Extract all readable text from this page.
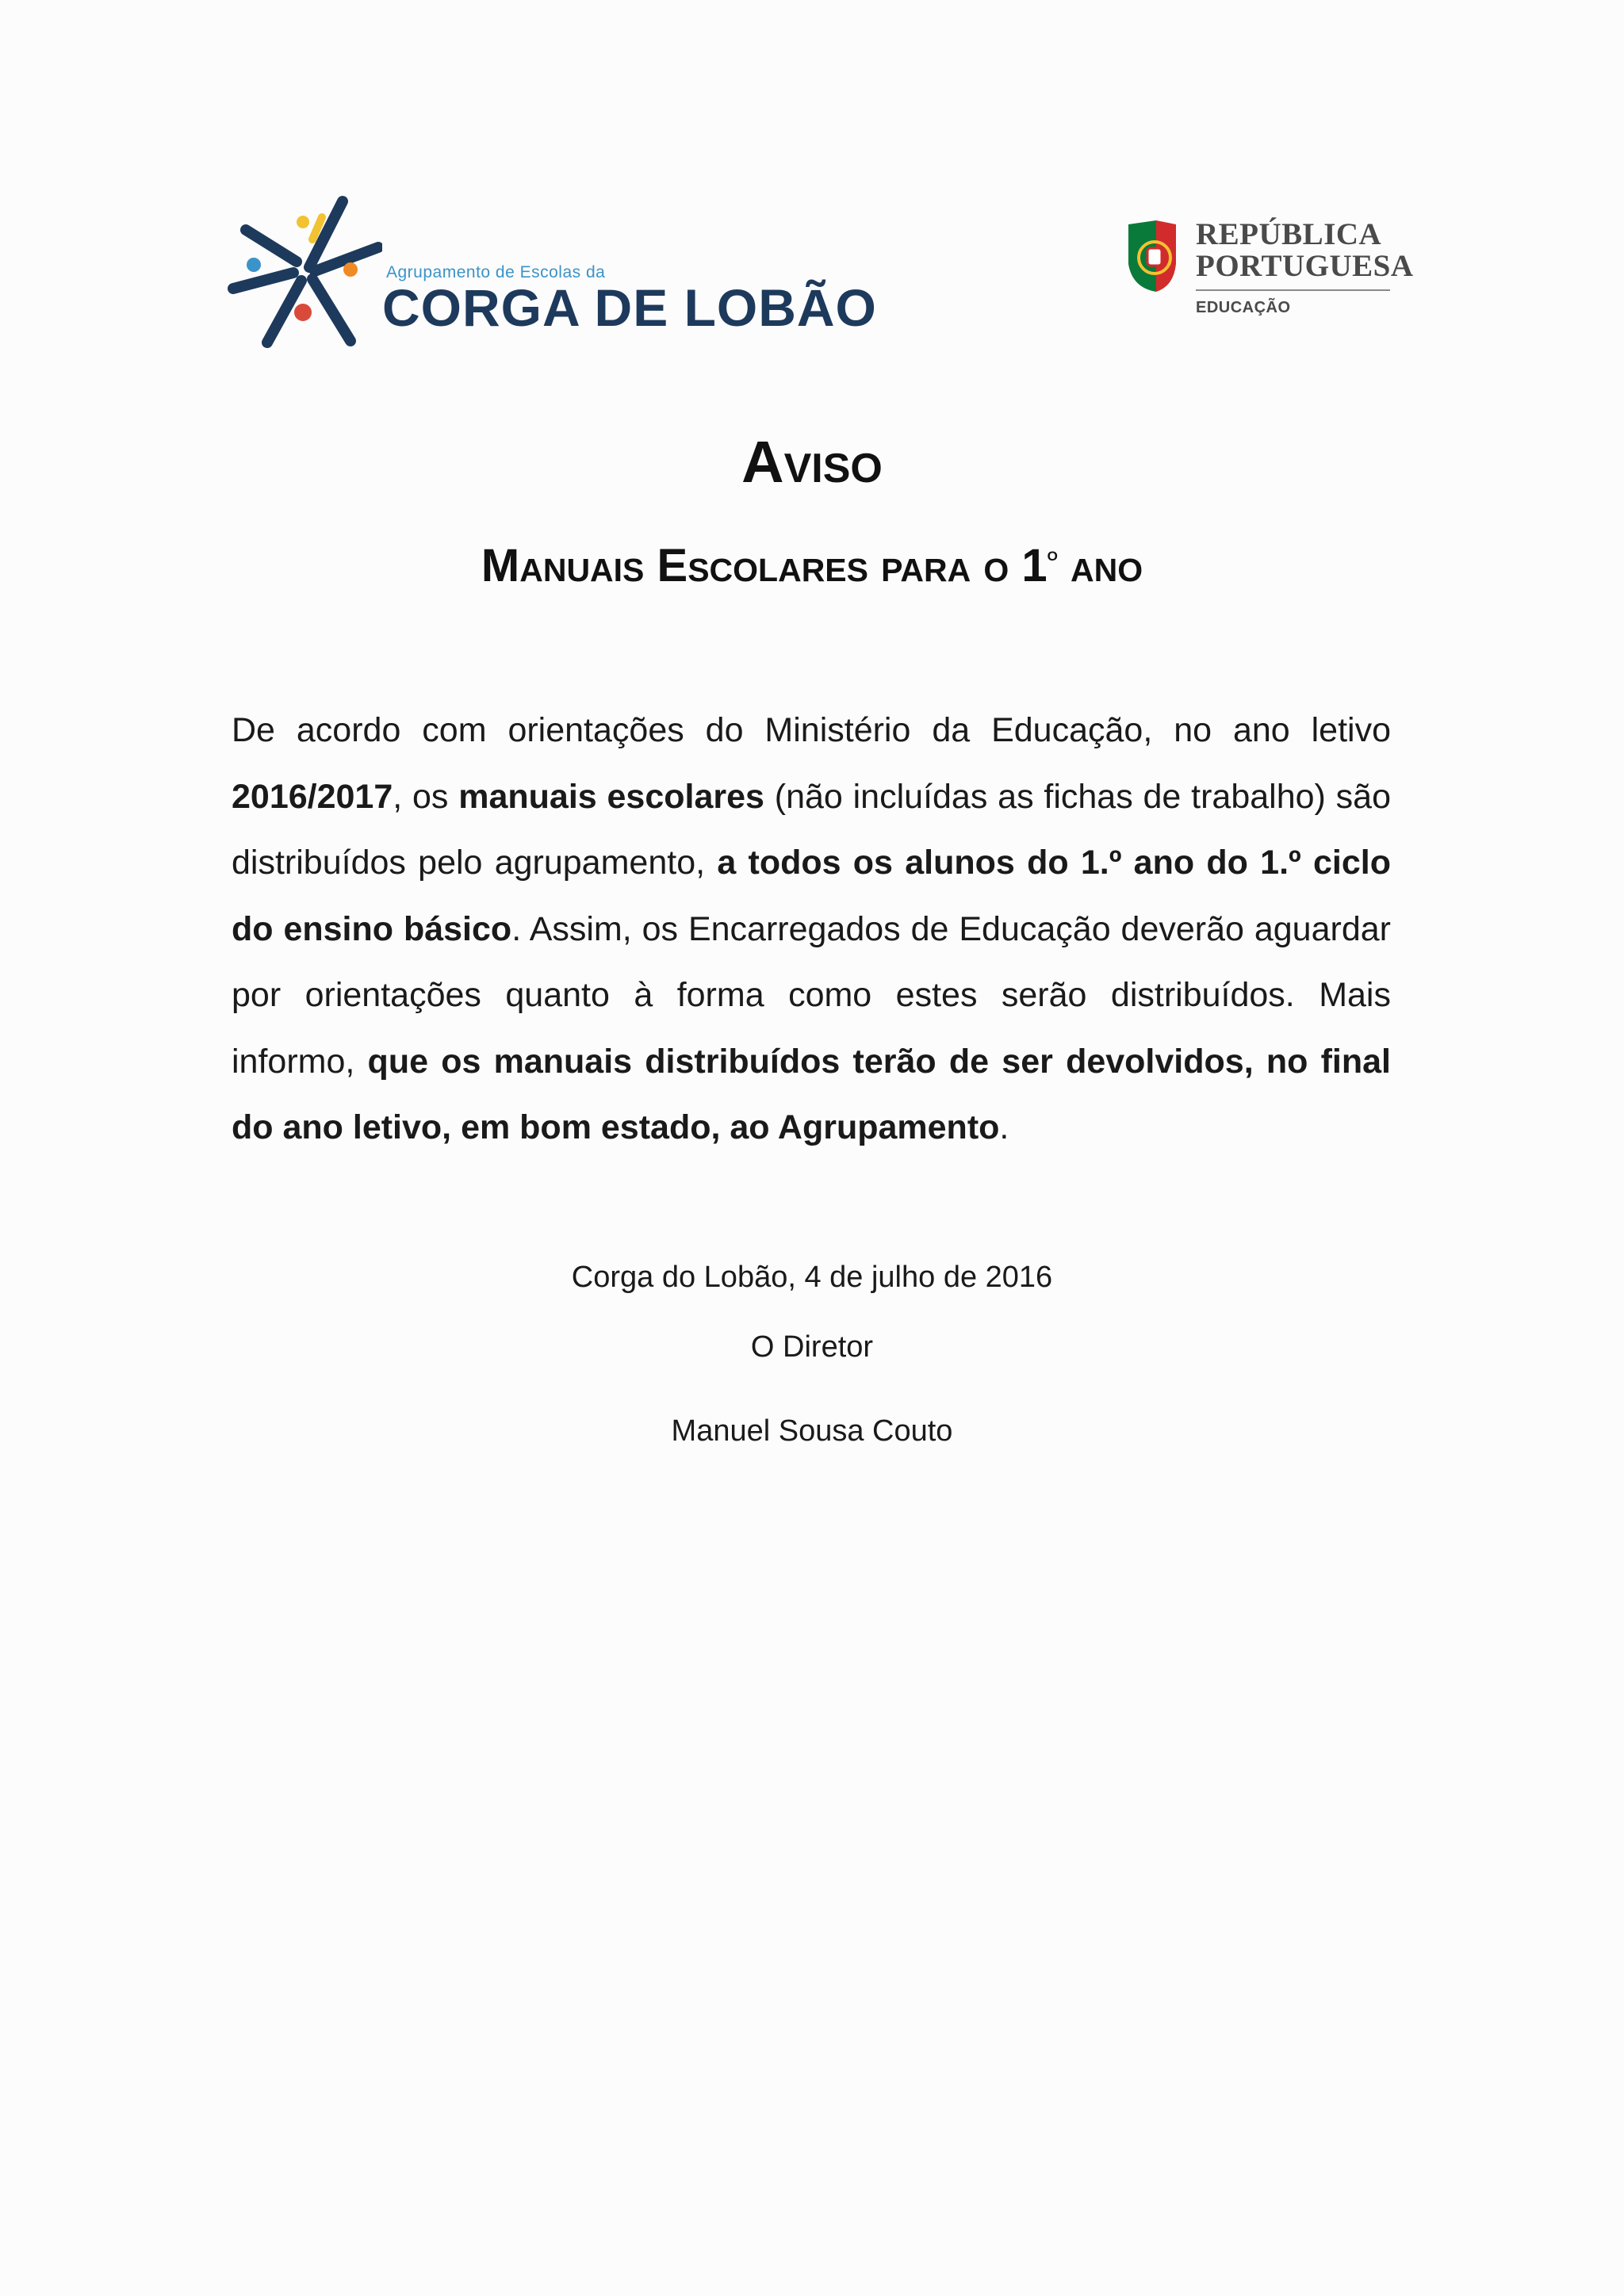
Agrupamento de Escolas da
CORGA DE LOBÃO
REPÚBLICA
PORTUGUESA
EDUCAÇÃO
Aviso
Manuais Escolares para o 1$^o$ ano
De acordo com orientações do Ministério da Educação, no ano letivo 2016/2017, os manuais escolares (não incluídas as fichas de trabalho) são distribuídos pelo agrupamento, a todos os alunos do 1.º ano do 1.º ciclo do ensino básico. Assim, os Encarregados de Educação deverão aguardar por orientações quanto à forma como estes serão distribuídos. Mais informo, que os manuais distribuídos terão de ser devolvidos, no final do ano letivo, em bom estado, ao Agrupamento.
Corga do Lobão, 4 de julho de 2016
O Diretor
Manuel Sousa Couto
